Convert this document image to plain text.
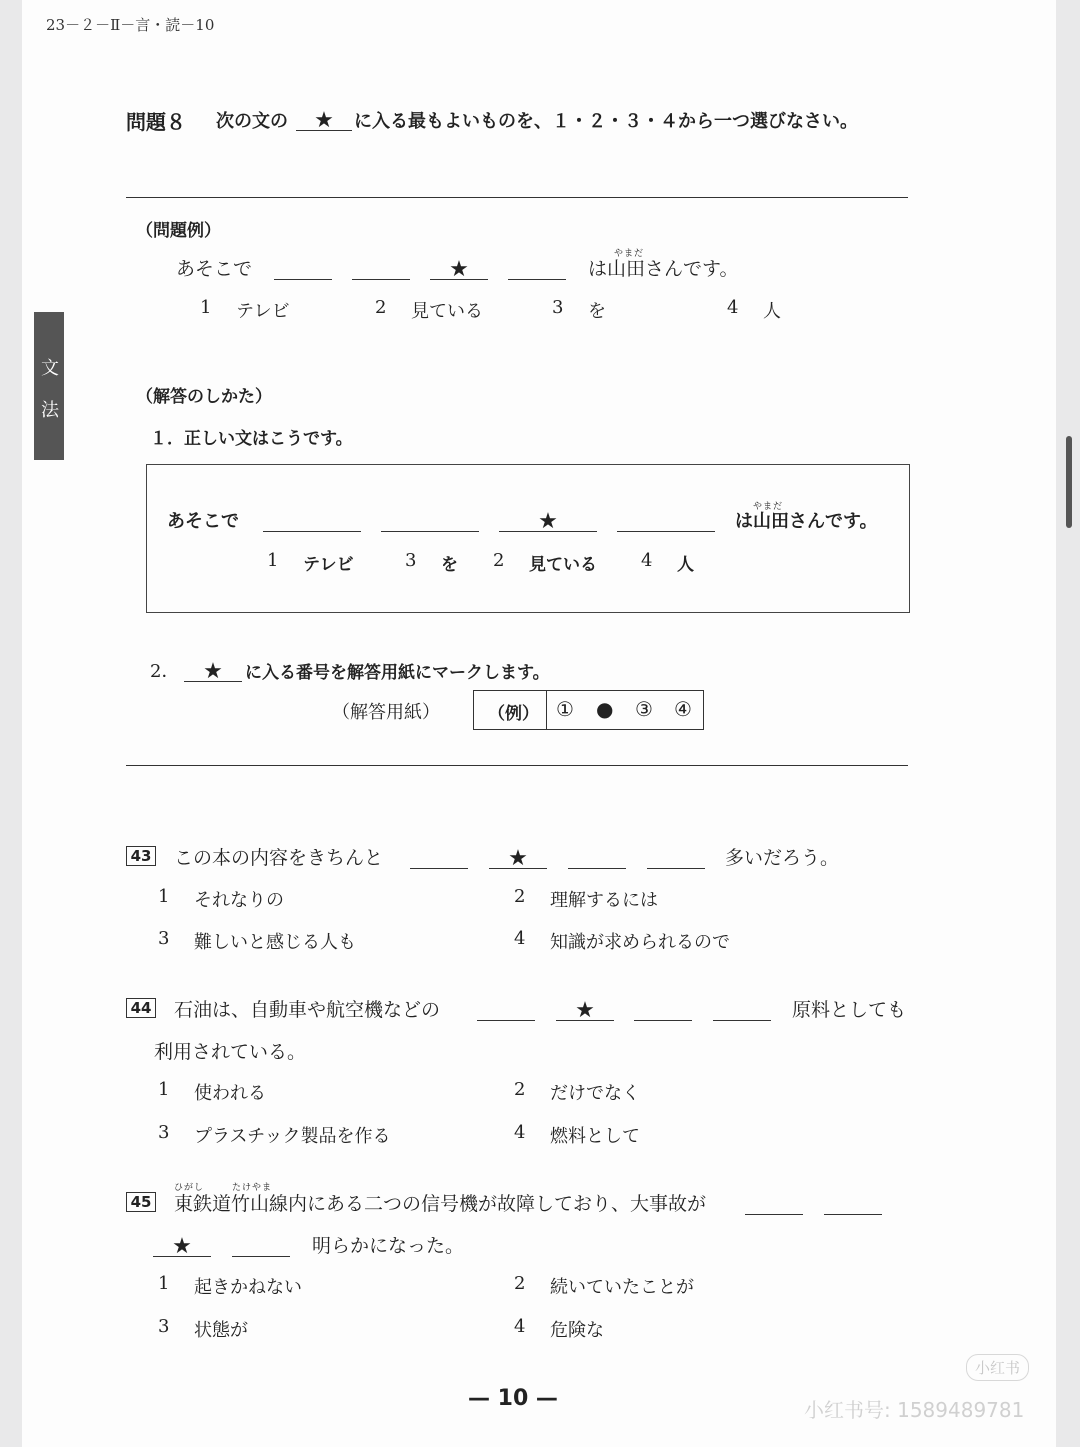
23－２－Ⅱ－言・読－10
文
法
問題８ 次の文の	★	に入る最もよいものを、１・２・３・４から一つ選びなさい。
（問題例）
あそこで	★
やまだ
は山田さんです。
1 テレビ	2 見ている	3 を	4 人
（解答のしかた）
１．正しい文はこうです。
あそこで	★
やまだ
は山田さんです。
1 テレビ	3 を 2 見ている 4 人
2．	★	に入る番号を解答用紙にマークします。
（解答用紙）	（例） ① ● ③ ④
43 この本の内容をきちんと	★	多いだろう。
1 それなりの	2 理解するには
3 難しいと感じる人も	4 知識が求められるので
44 石油は、自動車や航空機などの	★	原料としても
利用されている。
1 使われる	2 だけでなく
3 プラスチック製品を作る	4 燃料として
45
ひがし	たけやま
東鉄道竹山線内にある二つの信号機が故障しており、大事故が
★	明らかになった。
1 起きかねない	2 続いていたことが
3 状態が	4 危険な
— 10 —
小红书
小红书号: 1589489781
